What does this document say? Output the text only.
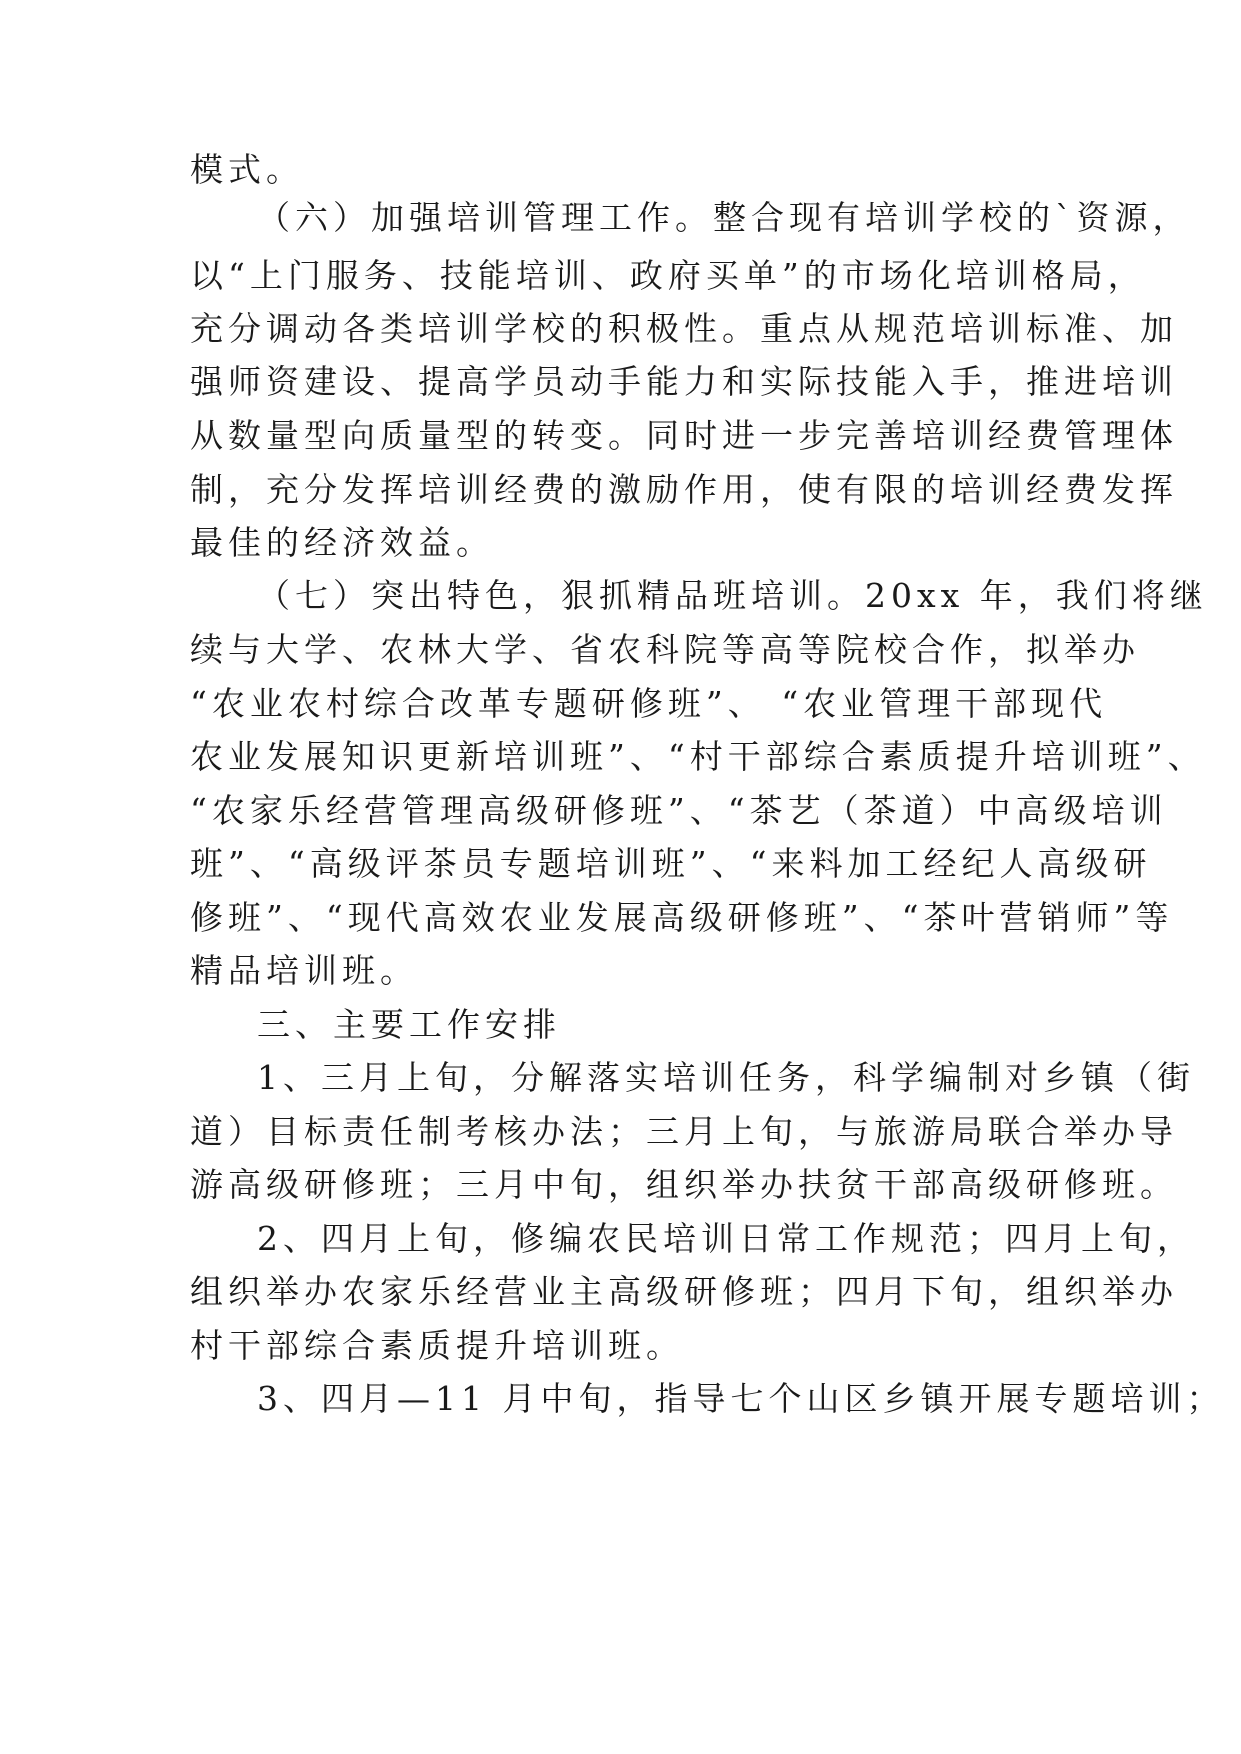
模式。
（六）加强培训管理工作。整合现有培训学校的`资源，
以“上门服务、技能培训、政府买单”的市场化培训格局，
充分调动各类培训学校的积极性。重点从规范培训标准、加
强师资建设、提高学员动手能力和实际技能入手，推进培训
从数量型向质量型的转变。同时进一步完善培训经费管理体
制，充分发挥培训经费的激励作用，使有限的培训经费发挥
最佳的经济效益。
（七）突出特色，狠抓精品班培训。20xx 年，我们将继
续与大学、农林大学、省农科院等高等院校合作，拟举办
“农业农村综合改革专题研修班”、 “农业管理干部现代
农业发展知识更新培训班”、“村干部综合素质提升培训班”、
“农家乐经营管理高级研修班”、“茶艺（茶道）中高级培训
班”、“高级评茶员专题培训班”、“来料加工经纪人高级研
修班”、“现代高效农业发展高级研修班”、“茶叶营销师”等
精品培训班。
三、主要工作安排
1、三月上旬，分解落实培训任务，科学编制对乡镇（街
道）目标责任制考核办法；三月上旬，与旅游局联合举办导
游高级研修班；三月中旬，组织举办扶贫干部高级研修班。
2、四月上旬，修编农民培训日常工作规范；四月上旬，
组织举办农家乐经营业主高级研修班；四月下旬，组织举办
村干部综合素质提升培训班。
3、四月—11 月中旬，指导七个山区乡镇开展专题培训；
